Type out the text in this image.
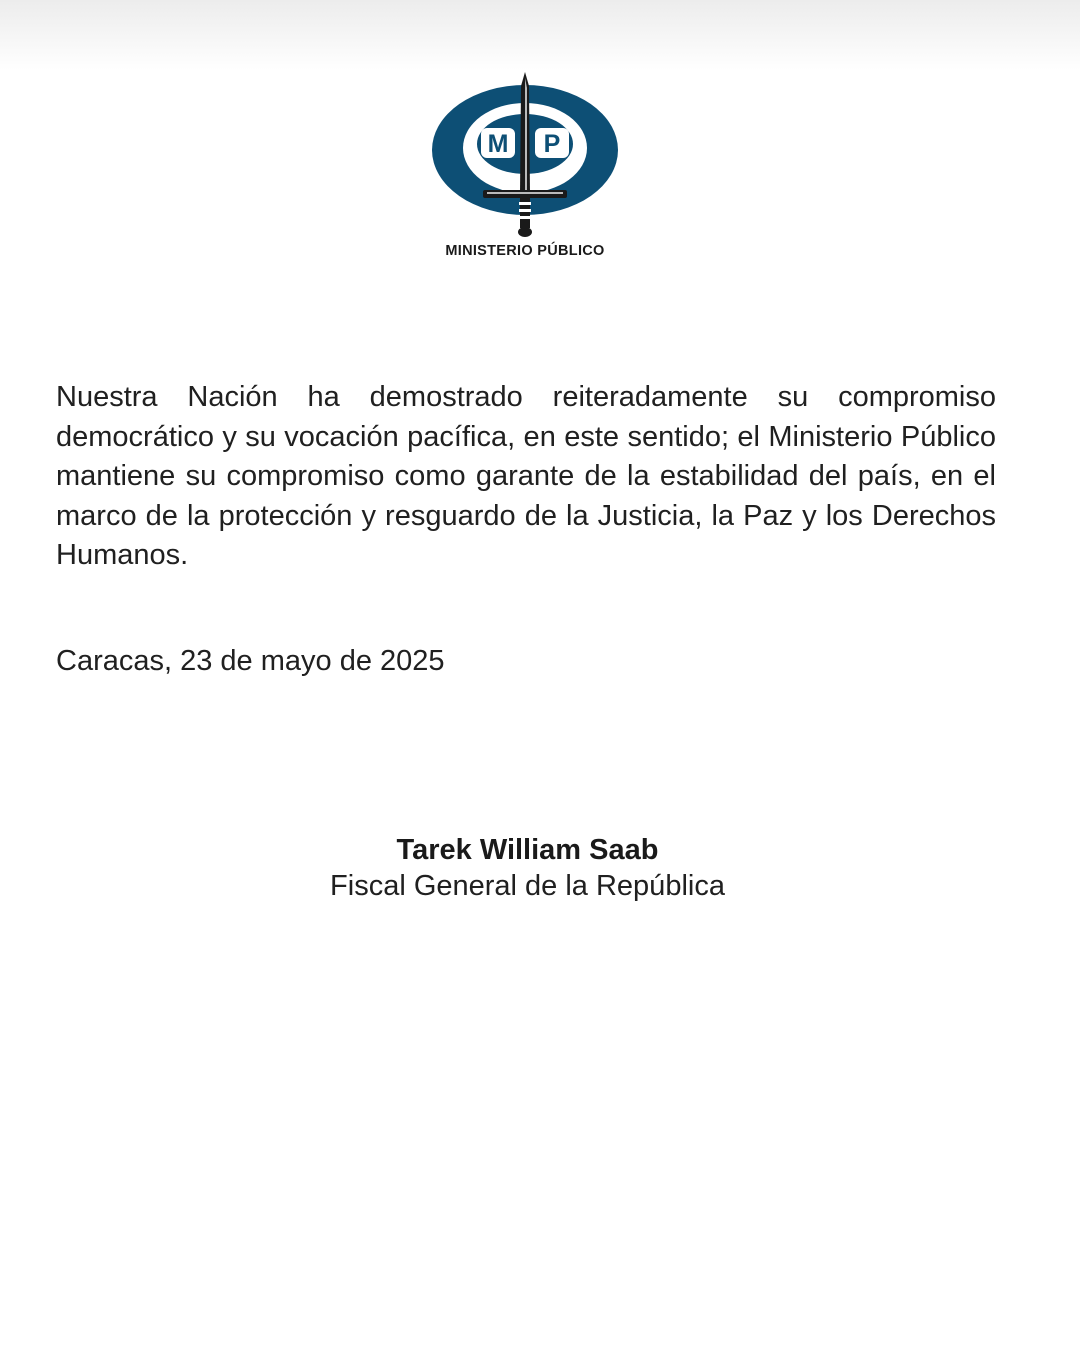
M P
MINISTERIO PÚBLICO

Nuestra Nación ha demostrado reiteradamente su compromiso democrático y su vocación pacífica, en este sentido; el Ministerio Público mantiene su compromiso como garante de la estabilidad del país, en el marco de la protección y resguardo de la Justicia, la Paz y los Derechos Humanos.

Caracas, 23 de mayo de 2025
Tarek William Saab
Fiscal General de la República
